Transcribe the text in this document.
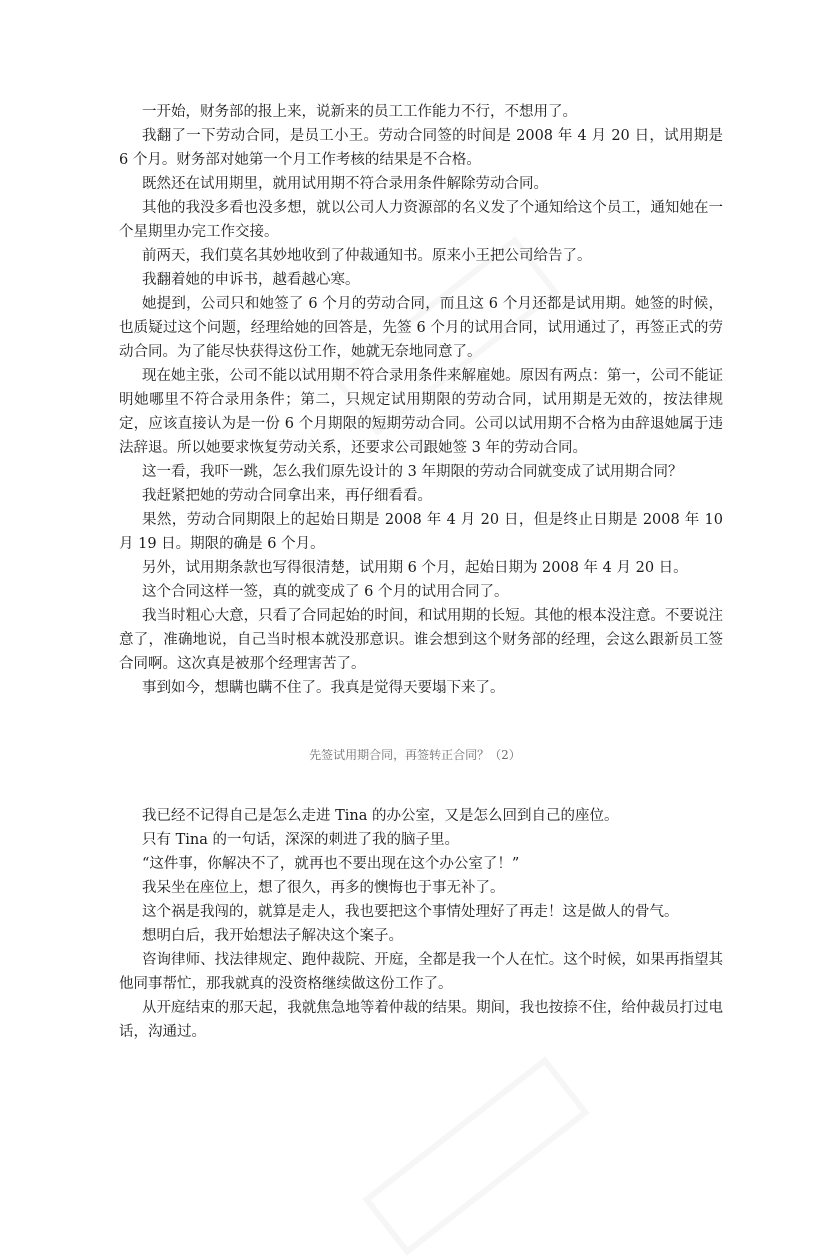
一开始，财务部的报上来，说新来的员工工作能力不行，不想用了。

我翻了一下劳动合同，是员工小王。劳动合同签的时间是 2008 年 4 月 20 日，试用期是 6 个月。财务部对她第一个月工作考核的结果是不合格。

既然还在试用期里，就用试用期不符合录用条件解除劳动合同。

其他的我没多看也没多想，就以公司人力资源部的名义发了个通知给这个员工，通知她在一个星期里办完工作交接。

前两天，我们莫名其妙地收到了仲裁通知书。原来小王把公司给告了。

我翻着她的申诉书，越看越心寒。

她提到，公司只和她签了 6 个月的劳动合同，而且这 6 个月还都是试用期。她签的时候，也质疑过这个问题，经理给她的回答是，先签 6 个月的试用合同，试用通过了，再签正式的劳动合同。为了能尽快获得这份工作，她就无奈地同意了。

现在她主张，公司不能以试用期不符合录用条件来解雇她。原因有两点：第一，公司不能证明她哪里不符合录用条件；第二，只规定试用期限的劳动合同，试用期是无效的，按法律规定，应该直接认为是一份 6 个月期限的短期劳动合同。公司以试用期不合格为由辞退她属于违法辞退。所以她要求恢复劳动关系，还要求公司跟她签 3 年的劳动合同。

这一看，我吓一跳，怎么我们原先设计的 3 年期限的劳动合同就变成了试用期合同？

我赶紧把她的劳动合同拿出来，再仔细看看。

果然，劳动合同期限上的起始日期是 2008 年 4 月 20 日，但是终止日期是 2008 年 10 月 19 日。期限的确是 6 个月。

另外，试用期条款也写得很清楚，试用期 6 个月，起始日期为 2008 年 4 月 20 日。

这个合同这样一签，真的就变成了 6 个月的试用合同了。

我当时粗心大意，只看了合同起始的时间，和试用期的长短。其他的根本没注意。不要说注意了，准确地说，自己当时根本就没那意识。谁会想到这个财务部的经理，会这么跟新员工签合同啊。这次真是被那个经理害苦了。

事到如今，想瞒也瞒不住了。我真是觉得天要塌下来了。

先签试用期合同，再签转正合同？（2）

我已经不记得自己是怎么走进 Tina 的办公室，又是怎么回到自己的座位。

只有 Tina 的一句话，深深的刺进了我的脑子里。

“这件事，你解决不了，就再也不要出现在这个办公室了！”

我呆坐在座位上，想了很久，再多的懊悔也于事无补了。

这个祸是我闯的，就算是走人，我也要把这个事情处理好了再走！这是做人的骨气。

想明白后，我开始想法子解决这个案子。

咨询律师、找法律规定、跑仲裁院、开庭，全都是我一个人在忙。这个时候，如果再指望其他同事帮忙，那我就真的没资格继续做这份工作了。

从开庭结束的那天起，我就焦急地等着仲裁的结果。期间，我也按捺不住，给仲裁员打过电话，沟通过。
